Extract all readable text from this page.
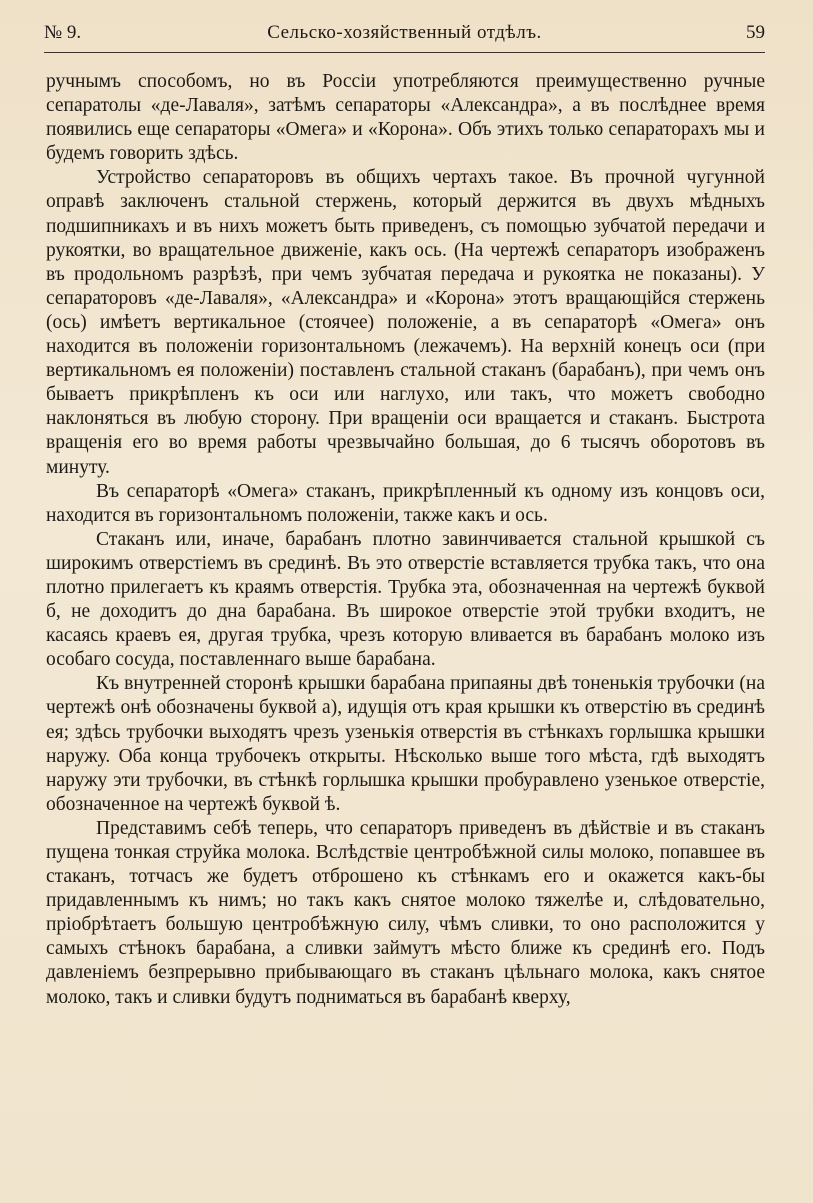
№ 9.	Сельско-хозяйственный отдѣлъ.	59

ручнымъ способомъ, но въ Россіи употребляются преимущественно ручные сепаратолы «де-Лаваля», затѣмъ сепараторы «Александра», а въ послѣднее время появились еще сепараторы «Омега» и «Корона». Объ этихъ только сепараторахъ мы и будемъ говорить здѣсь.

Устройство сепараторовъ въ общихъ чертахъ такое. Въ прочной чугунной оправѣ заключенъ стальной стержень, который держится въ двухъ мѣдныхъ подшипникахъ и въ нихъ можетъ быть приведенъ, съ помощью зубчатой передачи и рукоятки, во вращательное движеніе, какъ ось. (На чертежѣ сепараторъ изображенъ въ продольномъ разрѣзѣ, при чемъ зубчатая передача и рукоятка не показаны). У сепараторовъ «де-Лаваля», «Александра» и «Корона» этотъ вращающійся стержень (ось) имѣетъ вертикальное (стоячее) положеніе, а въ сепараторѣ «Омега» онъ находится въ положеніи горизонтальномъ (лежачемъ). На верхній конецъ оси (при вертикальномъ ея положеніи) поставленъ стальной стаканъ (барабанъ), при чемъ онъ бываетъ прикрѣпленъ къ оси или наглухо, или такъ, что можетъ свободно наклоняться въ любую сторону. При вращеніи оси вращается и стаканъ. Быстрота вращенія его во время работы чрезвычайно большая, до 6 тысячъ оборотовъ въ минуту.

Въ сепараторѣ «Омега» стаканъ, прикрѣпленный къ одному изъ концовъ оси, находится въ горизонтальномъ положеніи, также какъ и ось.

Стаканъ или, иначе, барабанъ плотно завинчивается стальной крышкой съ широкимъ отверстіемъ въ срединѣ. Въ это отверстіе вставляется трубка такъ, что она плотно прилегаетъ къ краямъ отверстія. Трубка эта, обозначенная на чертежѣ буквой б, не доходитъ до дна барабана. Въ широкое отверстіе этой трубки входитъ, не касаясь краевъ ея, другая трубка, чрезъ которую вливается въ барабанъ молоко изъ особаго сосуда, поставленнаго выше барабана.

Къ внутренней сторонѣ крышки барабана припаяны двѣ тоненькія трубочки (на чертежѣ онѣ обозначены буквой а), идущія отъ края крышки къ отверстію въ срединѣ ея; здѣсь трубочки выходятъ чрезъ узенькія отверстія въ стѣнкахъ горлышка крышки наружу. Оба конца трубочекъ открыты. Нѣсколько выше того мѣста, гдѣ выходятъ наружу эти трубочки, въ стѣнкѣ горлышка крышки пробуравлено узенькое отверстіе, обозначенное на чертежѣ буквой ѣ.

Представимъ себѣ теперь, что сепараторъ приведенъ въ дѣйствіе и въ стаканъ пущена тонкая струйка молока. Вслѣдствіе центробѣжной силы молоко, попавшее въ стаканъ, тотчасъ же будетъ отброшено къ стѣнкамъ его и окажется какъ-бы придавленнымъ къ нимъ; но такъ какъ снятое молоко тяжелѣе и, слѣдовательно, пріобрѣтаетъ большую центробѣжную силу, чѣмъ сливки, то оно расположится у самыхъ стѣнокъ барабана, а сливки займутъ мѣсто ближе къ срединѣ его. Подъ давленіемъ безпрерывно прибывающаго въ стаканъ цѣльнаго молока, какъ снятое молоко, такъ и сливки будутъ подниматься въ барабанѣ кверху,
